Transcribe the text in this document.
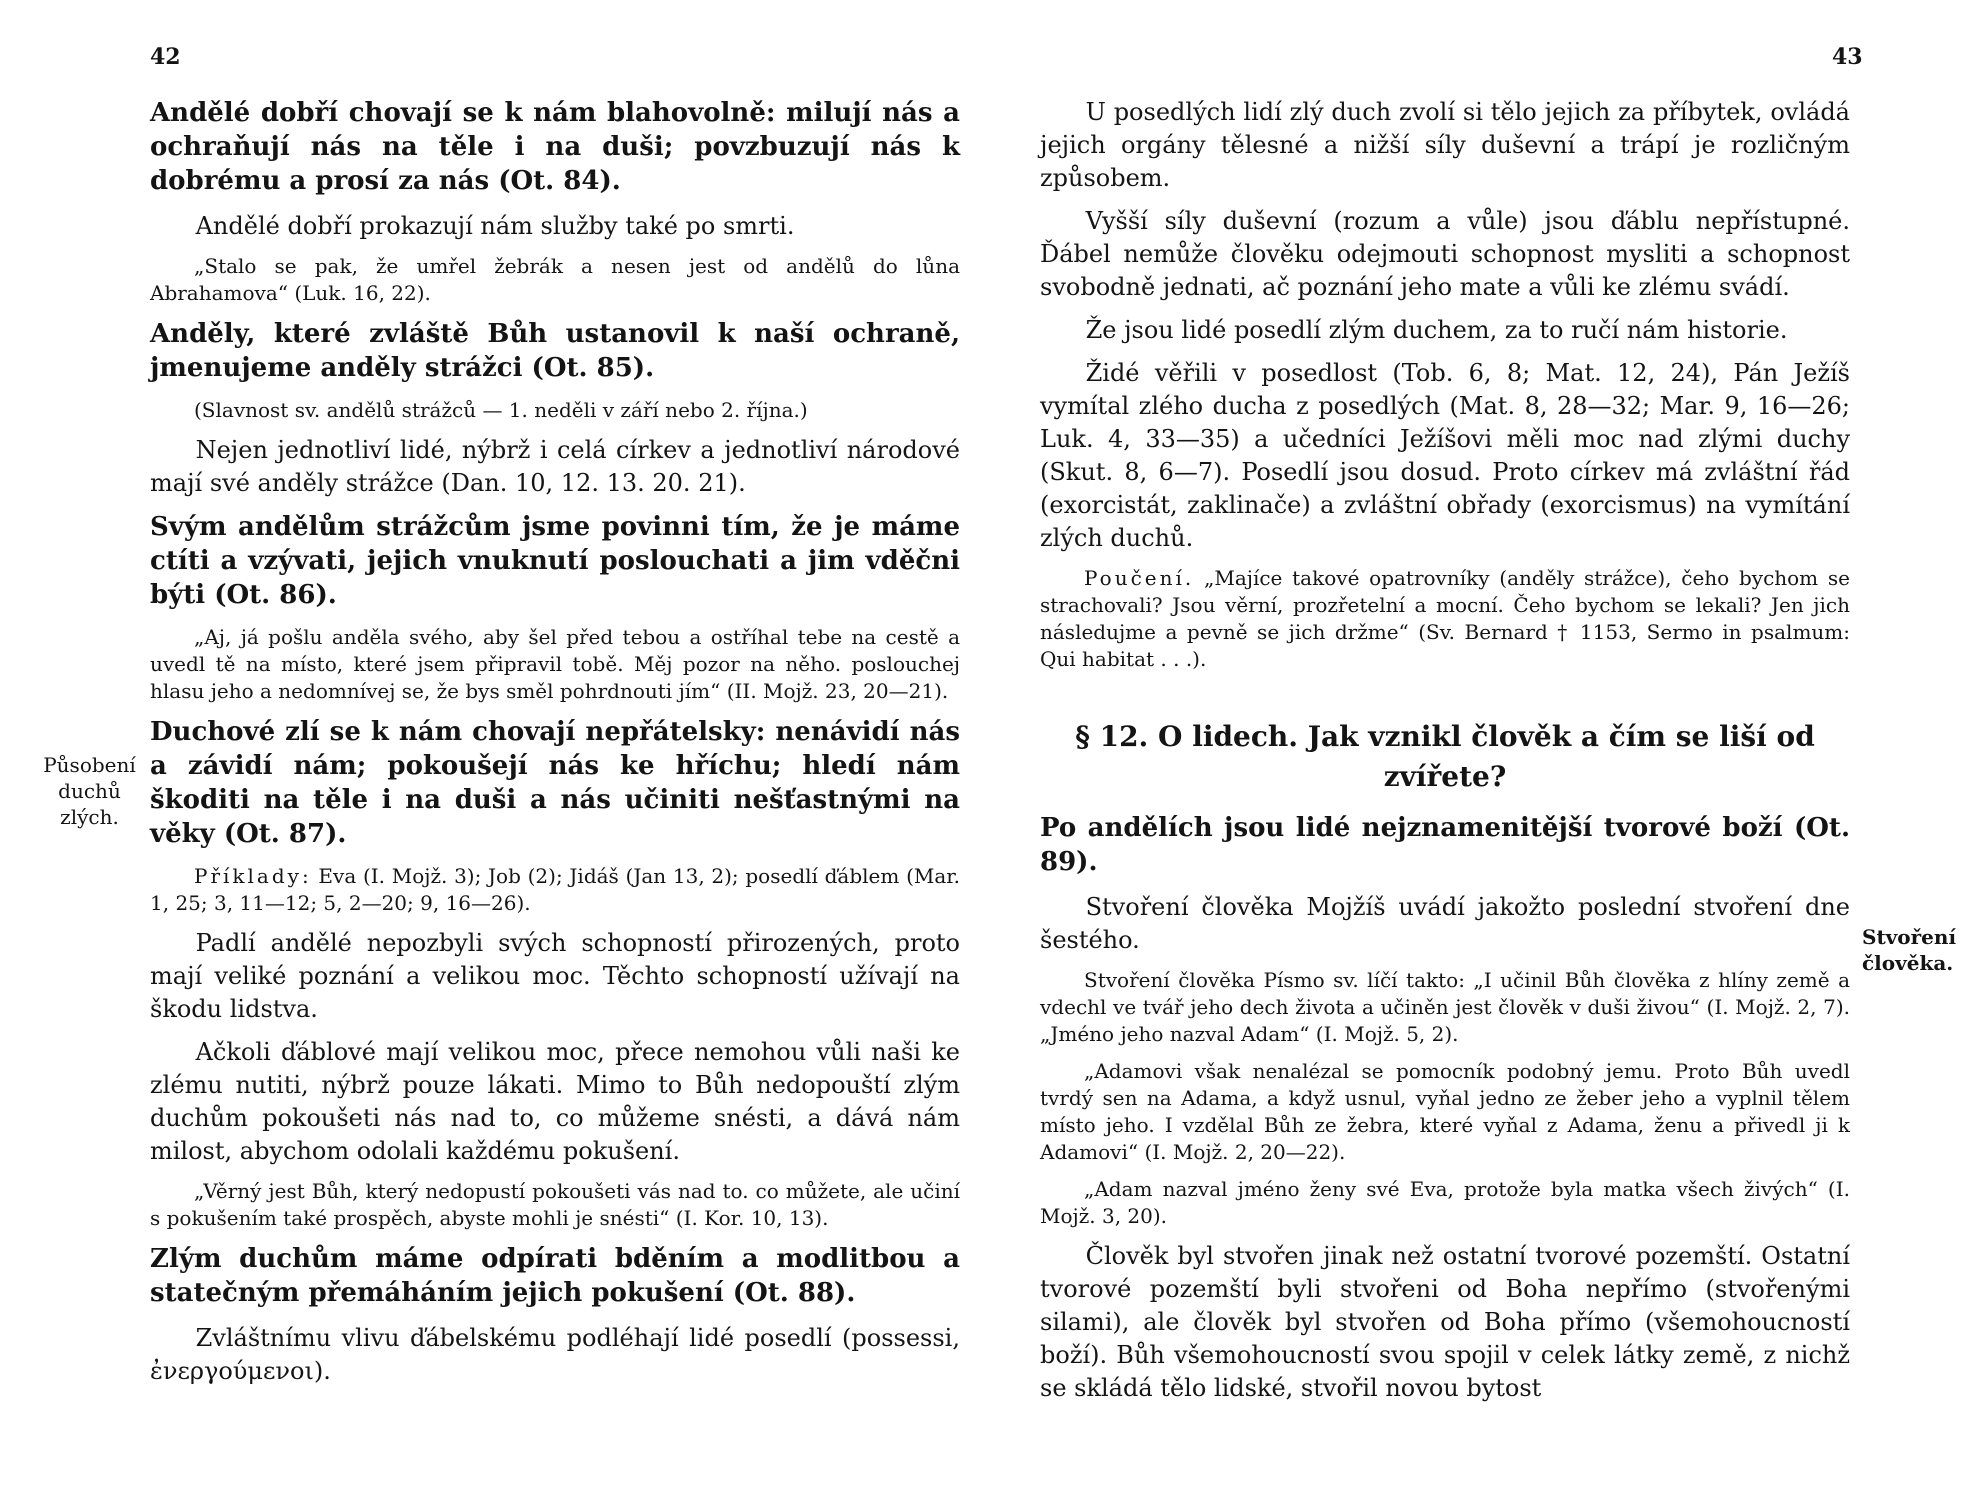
42	43
Působení duchů zlých.
Stvoření člověka.

Andělé dobří chovají se k nám blahovolně: milují nás a ochraňují nás na těle i na duši; povzbuzují nás k dobrému a prosí za nás (Ot. 84).

Andělé dobří prokazují nám služby také po smrti.

„Stalo se pak, že umřel žebrák a nesen jest od andělů do lůna Abrahamova“ (Luk. 16, 22).

Anděly, které zvláště Bůh ustanovil k naší ochraně, jmenujeme anděly strážci (Ot. 85).

(Slavnost sv. andělů strážců — 1. neděli v září nebo 2. října.)

Nejen jednotliví lidé, nýbrž i celá církev a jednotliví národové mají své anděly strážce (Dan. 10, 12. 13. 20. 21).

Svým andělům strážcům jsme povinni tím, že je máme ctíti a vzývati, jejich vnuknutí poslouchati a jim vděčni býti (Ot. 86).

„Aj, já pošlu anděla svého, aby šel před tebou a ostříhal tebe na cestě a uvedl tě na místo, které jsem připravil tobě. Měj pozor na něho. poslouchej hlasu jeho a nedomnívej se, že bys směl pohrdnouti jím“ (II. Mojž. 23, 20—21).

Duchové zlí se k nám chovají nepřátelsky: nenávidí nás a závidí nám; pokoušejí nás ke hříchu; hledí nám škoditi na těle i na duši a nás učiniti nešťastnými na věky (Ot. 87).

Příklady: Eva (I. Mojž. 3); Job (2); Jidáš (Jan 13, 2); posedlí ďáblem (Mar. 1, 25; 3, 11—12; 5, 2—20; 9, 16—26).

Padlí andělé nepozbyli svých schopností přirozených, proto mají veliké poznání a velikou moc. Těchto schopností užívají na škodu lidstva.

Ačkoli ďáblové mají velikou moc, přece nemohou vůli naši ke zlému nutiti, nýbrž pouze lákati. Mimo to Bůh nedopouští zlým duchům pokoušeti nás nad to, co můžeme snésti, a dává nám milost, abychom odolali každému pokušení.

„Věrný jest Bůh, který nedopustí pokoušeti vás nad to. co můžete, ale učiní s pokušením také prospěch, abyste mohli je snésti“ (I. Kor. 10, 13).

Zlým duchům máme odpírati bděním a modlitbou a statečným přemáháním jejich pokušení (Ot. 88).

Zvláštnímu vlivu ďábelskému podléhají lidé posedlí (possessi, ἐνεργούμενοι).

U posedlých lidí zlý duch zvolí si tělo jejich za příbytek, ovládá jejich orgány tělesné a nižší síly duševní a trápí je rozličným způsobem.

Vyšší síly duševní (rozum a vůle) jsou ďáblu nepřístupné. Ďábel nemůže člověku odejmouti schopnost mysliti a schopnost svobodně jednati, ač poznání jeho mate a vůli ke zlému svádí.

Že jsou lidé posedlí zlým duchem, za to ručí nám historie.

Židé věřili v posedlost (Tob. 6, 8; Mat. 12, 24), Pán Ježíš vymítal zlého ducha z posedlých (Mat. 8, 28—32; Mar. 9, 16—26; Luk. 4, 33—35) a učedníci Ježíšovi měli moc nad zlými duchy (Skut. 8, 6—7). Posedlí jsou dosud. Proto církev má zvláštní řád (exorcistát, zaklinače) a zvláštní obřady (exorcismus) na vymítání zlých duchů.

Poučení. „Majíce takové opatrovníky (anděly strážce), čeho bychom se strachovali? Jsou věrní, prozřetelní a mocní. Čeho bychom se lekali? Jen jich následujme a pevně se jich držme“ (Sv. Bernard † 1153, Sermo in psalmum: Qui habitat . . .).

§ 12. O lidech. Jak vznikl člověk a čím se liší od zvířete?

Po andělích jsou lidé nejznamenitější tvorové boží (Ot. 89).

Stvoření člověka Mojžíš uvádí jakožto poslední stvoření dne šestého.

Stvoření člověka Písmo sv. líčí takto: „I učinil Bůh člověka z hlíny země a vdechl ve tvář jeho dech života a učiněn jest člověk v duši živou“ (I. Mojž. 2, 7). „Jméno jeho nazval Adam“ (I. Mojž. 5, 2).

„Adamovi však nenalézal se pomocník podobný jemu. Proto Bůh uvedl tvrdý sen na Adama, a když usnul, vyňal jedno ze žeber jeho a vyplnil tělem místo jeho. I vzdělal Bůh ze žebra, které vyňal z Adama, ženu a přivedl ji k Adamovi“ (I. Mojž. 2, 20—22).

„Adam nazval jméno ženy své Eva, protože byla matka všech živých“ (I. Mojž. 3, 20).

Člověk byl stvořen jinak než ostatní tvorové pozemští. Ostatní tvorové pozemští byli stvořeni od Boha nepřímo (stvořenými silami), ale člověk byl stvořen od Boha přímo (všemohoucností boží). Bůh všemohoucností svou spojil v celek látky země, z nichž se skládá tělo lidské, stvořil novou bytost
